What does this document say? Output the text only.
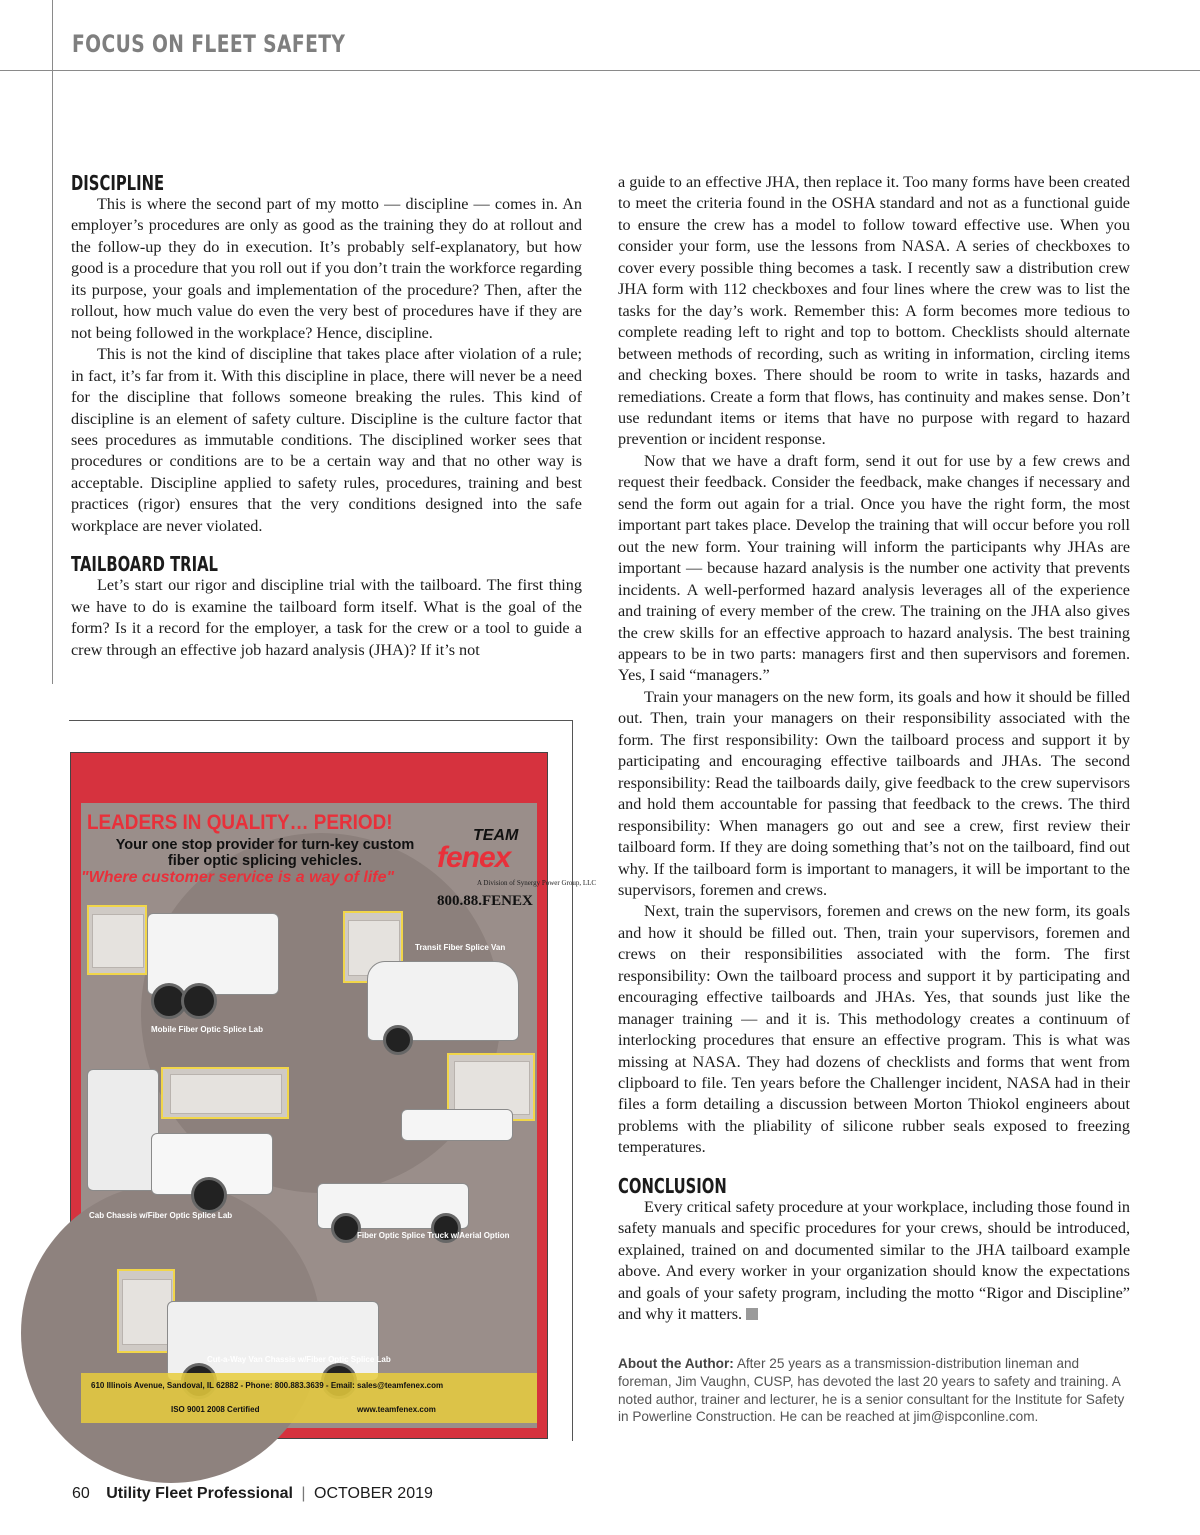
FOCUS ON FLEET SAFETY
DISCIPLINE

This is where the second part of my motto — discipline — comes in. An employer’s procedures are only as good as the training they do at rollout and the follow-up they do in execution. It’s probably self-explanatory, but how good is a procedure that you roll out if you don’t train the workforce regarding its purpose, your goals and implementation of the procedure? Then, after the rollout, how much value do even the very best of procedures have if they are not being followed in the workplace? Hence, discipline.

This is not the kind of discipline that takes place after violation of a rule; in fact, it’s far from it. With this discipline in place, there will never be a need for the discipline that follows someone breaking the rules. This kind of discipline is an element of safety culture. Discipline is the culture factor that sees procedures as immutable conditions. The disciplined worker sees that procedures or conditions are to be a certain way and that no other way is acceptable. Discipline applied to safety rules, procedures, training and best practices (rigor) ensures that the very conditions designed into the safe workplace are never violated.

TAILBOARD TRIAL

Let’s start our rigor and discipline trial with the tailboard. The first thing we have to do is examine the tailboard form itself. What is the goal of the form? Is it a record for the employer, a task for the crew or a tool to guide a crew through an effective job hazard analysis (JHA)? If it’s not

a guide to an effective JHA, then replace it. Too many forms have been created to meet the criteria found in the OSHA standard and not as a functional guide to ensure the crew has a model to follow toward effective use. When you consider your form, use the lessons from NASA. A series of checkboxes to cover every possible thing becomes a task. I recently saw a distribution crew JHA form with 112 checkboxes and four lines where the crew was to list the tasks for the day’s work. Remember this: A form becomes more tedious to complete reading left to right and top to bottom. Checklists should alternate between methods of recording, such as writing in information, circling items and checking boxes. There should be room to write in tasks, hazards and remediations. Create a form that flows, has continuity and makes sense. Don’t use redundant items or items that have no purpose with regard to hazard prevention or incident response.

Now that we have a draft form, send it out for use by a few crews and request their feedback. Consider the feedback, make changes if necessary and send the form out again for a trial. Once you have the right form, the most important part takes place. Develop the training that will occur before you roll out the new form. Your training will inform the participants why JHAs are important — because hazard analysis is the number one activity that prevents incidents. A well-performed hazard analysis leverages all of the experience and training of every member of the crew. The training on the JHA also gives the crew skills for an effective approach to hazard analysis. The best training appears to be in two parts: managers first and then supervisors and foremen. Yes, I said “managers.”

Train your managers on the new form, its goals and how it should be filled out. Then, train your managers on their responsibility associated with the form. The first responsibility: Own the tailboard process and support it by participating and encouraging effective tailboards and JHAs. The second responsibility: Read the tailboards daily, give feedback to the crew supervisors and hold them accountable for passing that feedback to the crews. The third responsibility: When managers go out and see a crew, first review their tailboard form. If they are doing something that’s not on the tailboard, find out why. If the tailboard form is important to managers, it will be important to the supervisors, foremen and crews.

Next, train the supervisors, foremen and crews on the new form, its goals and how it should be filled out. Then, train your supervisors, foremen and crews on their responsibilities associated with the form. The first responsibility: Own the tailboard process and support it by participating and encouraging effective tailboards and JHAs. Yes, that sounds just like the manager training — and it is. This methodology creates a continuum of interlocking procedures that ensure an effective program. This is what was missing at NASA. They had dozens of checklists and forms that went from clipboard to file. Ten years before the Challenger incident, NASA had in their files a form detailing a discussion between Morton Thiokol engineers about problems with the pliability of silicone rubber seals exposed to freezing temperatures.

CONCLUSION

Every critical safety procedure at your workplace, including those found in safety manuals and specific procedures for your crews, should be introduced, explained, trained on and documented similar to the JHA tailboard example above. And every worker in your organization should know the expectations and goals of your safety program, including the motto “Rigor and Discipline” and why it matters.

About the Author: After 25 years as a transmission-distribution lineman and foreman, Jim Vaughn, CUSP, has devoted the last 20 years to safety and training. A noted author, trainer and lecturer, he is a senior consultant for the Institute for Safety in Powerline Construction. He can be reached at jim@ispconline.com.
LEADERS IN QUALITY… PERIOD!
Your one stop provider for turn-key custom fiber optic splicing vehicles.
"Where customer service is a way of life"
TEAM
fenex
A Division of Synergy Power Group, LLC
800.88.FENEX
Mobile Fiber Optic Splice Lab
Transit Fiber Splice Van
Cab Chassis w/Fiber Optic Splice Lab
Fiber Optic Splice Truck w/Aerial Option
Cut-a-Way Van Chassis w/Fiber Optic Splice Lab
610 Illinois Avenue, Sandoval, IL 62882 - Phone: 800.883.3639 - Email: sales@teamfenex.com
ISO 9001 2008 Certified	www.teamfenex.com
60 Utility Fleet Professional | OCTOBER 2019
